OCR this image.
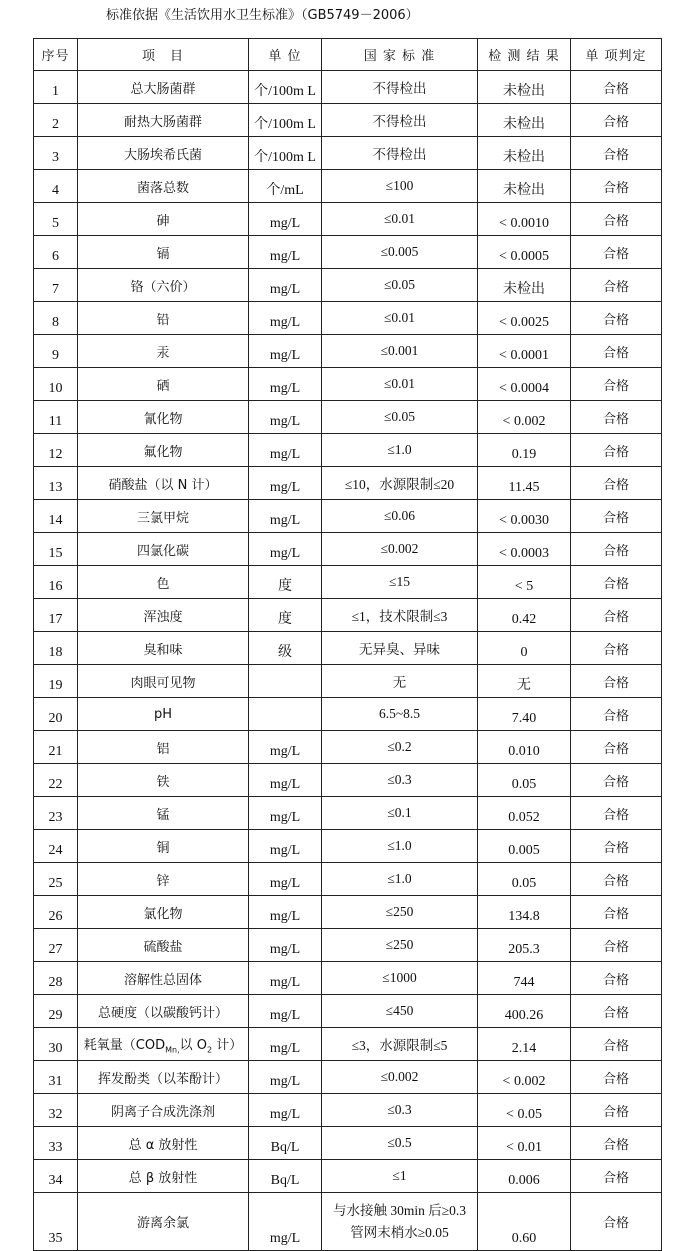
标准依据《生活饮用水卫生标准》（GB5749－2006）
序号	项　目	单 位	国 家 标 准	检 测 结 果	单 项判定
1	总大肠菌群	个/100m L	不得检出	未检出	合格
2	耐热大肠菌群	个/100m L	不得检出	未检出	合格
3	大肠埃希氏菌	个/100m L	不得检出	未检出	合格
4	菌落总数	个/mL	≤100	未检出	合格
5	砷	mg/L	≤0.01	< 0.0010	合格
6	镉	mg/L	≤0.005	< 0.0005	合格
7	铬（六价）	mg/L	≤0.05	未检出	合格
8	铅	mg/L	≤0.01	< 0.0025	合格
9	汞	mg/L	≤0.001	< 0.0001	合格
10	硒	mg/L	≤0.01	< 0.0004	合格
11	氰化物	mg/L	≤0.05	< 0.002	合格
12	氟化物	mg/L	≤1.0	0.19	合格
13	硝酸盐（以 N 计）	mg/L	≤10，水源限制≤20	11.45	合格
14	三氯甲烷	mg/L	≤0.06	< 0.0030	合格
15	四氯化碳	mg/L	≤0.002	< 0.0003	合格
16	色	度	≤15	< 5	合格
17	浑浊度	度	≤1，技术限制≤3	0.42	合格
18	臭和味	级	无异臭、异味	0	合格
19	肉眼可见物		无	无	合格
20	pH		6.5~8.5	7.40	合格
21	铝	mg/L	≤0.2	0.010	合格
22	铁	mg/L	≤0.3	0.05	合格
23	锰	mg/L	≤0.1	0.052	合格
24	铜	mg/L	≤1.0	0.005	合格
25	锌	mg/L	≤1.0	0.05	合格
26	氯化物	mg/L	≤250	134.8	合格
27	硫酸盐	mg/L	≤250	205.3	合格
28	溶解性总固体	mg/L	≤1000	744	合格
29	总硬度（以碳酸钙计）	mg/L	≤450	400.26	合格
30	耗氧量（$COD_{Mn,}$以 $O_2$ 计）	mg/L	≤3，水源限制≤5	2.14	合格
31	挥发酚类（以苯酚计）	mg/L	≤0.002	< 0.002	合格
32	阴离子合成洗涤剂	mg/L	≤0.3	< 0.05	合格
33	总 α 放射性	Bq/L	≤0.5	< 0.01	合格
34	总 β 放射性	Bq/L	≤1	0.006	合格
35	游离余氯	mg/L	与水接触 30min 后≥0.3
管网末梢水≥0.05	0.60	合格
